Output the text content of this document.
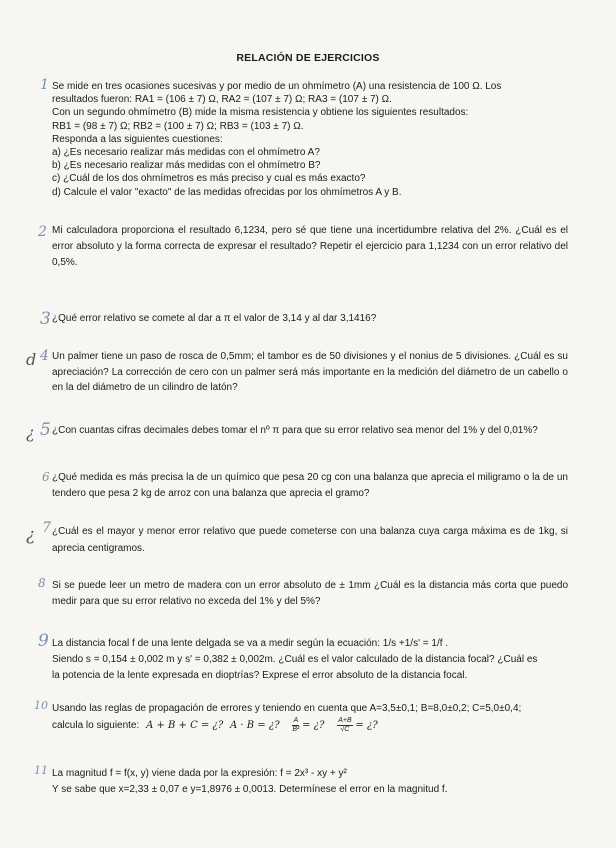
RELACIÓN DE EJERCICIOS
1
2
3
d 4
¿ 5
6
¿ 7
8
9
10
11

Se mide en tres ocasiones sucesivas y por medio de un ohmímetro (A) una resistencia de 100 Ω. Los

resultados fueron: RA1 = (106 ± 7) Ω, RA2 = (107 ± 7) Ω; RA3 = (107 ± 7) Ω.

Con un segundo ohmímetro (B) mide la misma resistencia y obtiene los siguientes resultados:

RB1 = (98 ± 7) Ω; RB2 = (100 ± 7) Ω; RB3 = (103 ± 7) Ω.

Responda a las siguientes cuestiones:

a) ¿Es necesario realizar más medidas con el ohmímetro A?

b) ¿Es necesario realizar más medidas con el ohmímetro B?

c) ¿Cuál de los dos ohmímetros es más preciso y cual es más exacto?

d) Calcule el valor "exacto" de las medidas ofrecidas por los ohmímetros A y B.

Mi calculadora proporciona el resultado 6,1234, pero sé que tiene una incertidumbre relativa del 2%. ¿Cuál es el error absoluto y la forma correcta de expresar el resultado? Repetir el ejercicio para 1,1234 con un error relativo del 0,5%.

¿Qué error relativo se comete al dar a π el valor de 3,14 y al dar 3,1416?

Un palmer tiene un paso de rosca de 0,5mm; el tambor es de 50 divisiones y el nonius de 5 divisiones. ¿Cuál es su apreciación? La corrección de cero con un palmer será más importante en la medición del diámetro de un cabello o en la del diámetro de un cilindro de latón?

¿Con cuantas cifras decimales debes tomar el nº π para que su error relativo sea menor del 1% y del 0,01%?

¿Qué medida es más precisa la de un químico que pesa 20 cg con una balanza que aprecia el miligramo o la de un tendero que pesa 2 kg de arroz con una balanza que aprecia el gramo?

¿Cuál es el mayor y menor error relativo que puede cometerse con una balanza cuya carga máxima es de 1kg, si aprecia centigramos.

Si se puede leer un metro de madera con un error absoluto de ± 1mm ¿Cuál es la distancia más corta que puedo medir para que su error relativo no exceda del 1% y del 5%?

La distancia focal f de una lente delgada se va a medir según la ecuación: 1/s +1/s' = 1/f .

Siendo s = 0,154 ± 0,002 m y s' = 0,382 ± 0,002m. ¿Cuál es el valor calculado de la distancia focal? ¿Cuál es

la potencia de la lente expresada en dioptrías? Exprese el error absoluto de la distancia focal.

Usando las reglas de propagación de errores y teniendo en cuenta que A=3,5±0,1; B=8,0±0,2; C=5,0±0,4;

calcula lo siguiente: A + B + C = ¿? A · B = ¿? $\frac{A}{\text{B²}}$ = ¿? $\frac{A+B}{√C}$ = ¿?

La magnitud f = f(x, y) viene dada por la expresión: f = 2x³ - xy + y²

Y se sabe que x=2,33 ± 0,07 e y=1,8976 ± 0,0013. Determínese el error en la magnitud f.
